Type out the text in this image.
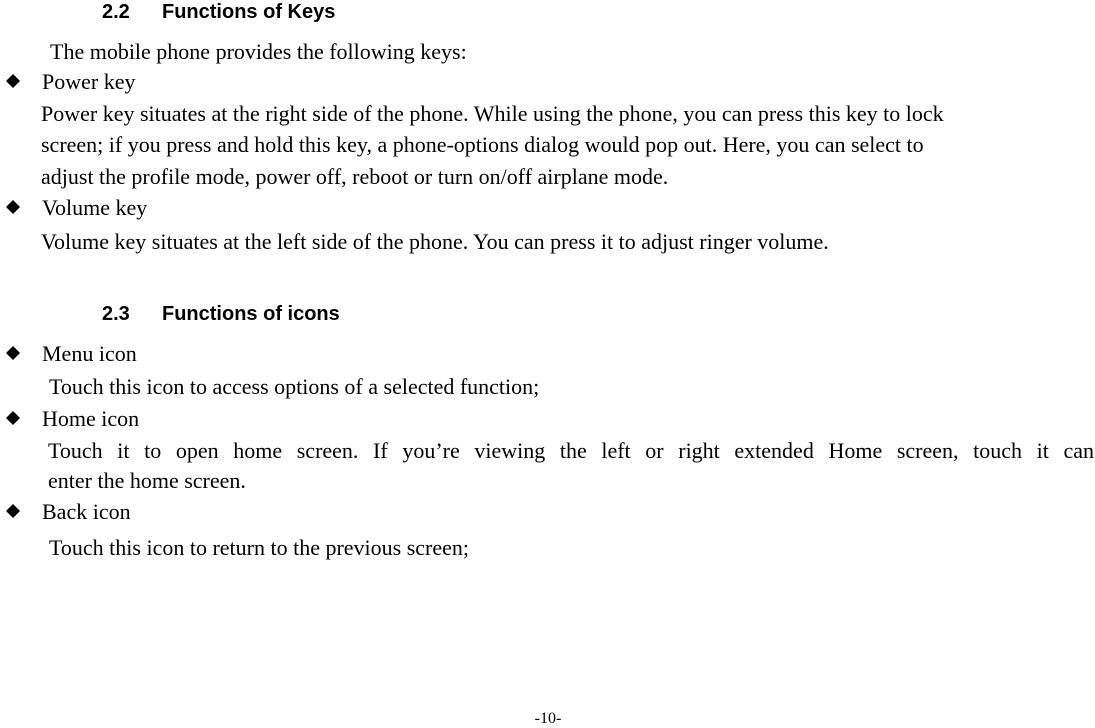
2.2 Functions of Keys
The mobile phone provides the following keys:
Power key
Power key situates at the right side of the phone. While using the phone, you can press this key to lock
screen; if you press and hold this key, a phone-options dialog would pop out. Here, you can select to
adjust the profile mode, power off, reboot or turn on/off airplane mode.
Volume key
Volume key situates at the left side of the phone. You can press it to adjust ringer volume.
2.3 Functions of icons
Menu icon
Touch this icon to access options of a selected function;
Home icon
Touch it to open home screen. If you’re viewing the left or right extended Home screen, touch it can
enter the home screen.
Back icon
Touch this icon to return to the previous screen;
-10-
